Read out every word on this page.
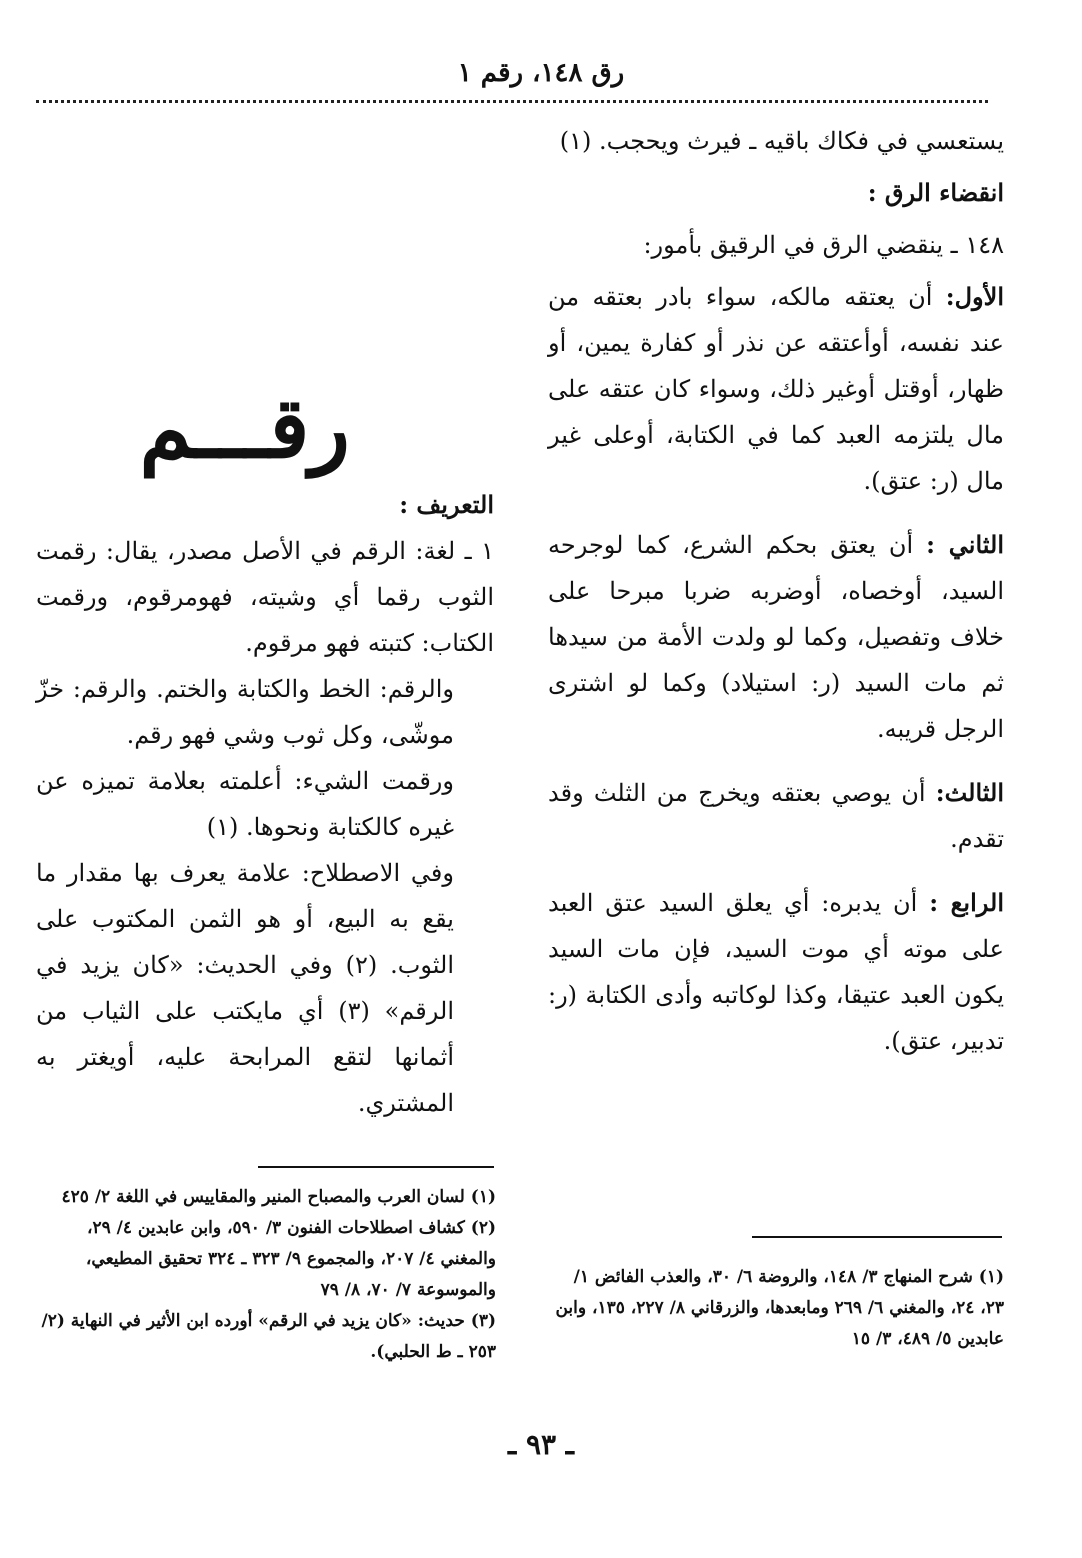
رق ١٤٨، رقم ١

يستعسي في فكاك باقيه ـ فيرث ويحجب. (١)

انقضاء الرق :

١٤٨ ـ ينقضي الرق في الرقيق بأمور:

الأول: أن يعتقه مالكه، سواء بادر بعتقه من عند نفسه، أوأعتقه عن نذر أو كفارة يمين، أو ظهار، أوقتل أوغير ذلك، وسواء كان عتقه على مال يلتزمه العبد كما في الكتابة، أوعلى غير مال (ر: عتق).

الثاني : أن يعتق بحكم الشرع، كما لوجرحه السيد، أوخصاه، أوضربه ضربا مبرحا على خلاف وتفصيل، وكما لو ولدت الأمة من سيدها ثم مات السيد (ر: استيلاد) وكما لو اشترى الرجل قريبه.

الثالث: أن يوصي بعتقه ويخرج من الثلث وقد تقدم.

الرابع : أن يدبره: أي يعلق السيد عتق العبد على موته أي موت السيد، فإن مات السيد يكون العبد عتيقا، وكذا لوكاتبه وأدى الكتابة (ر: تدبير، عتق).

رقـــم

التعريف :

١ ـ لغة: الرقم في الأصل مصدر، يقال: رقمت الثوب رقما أي وشيته، فهومرقوم، ورقمت الكتاب: كتبته فهو مرقوم.

والرقم: الخط والكتابة والختم. والرقم: خزّ موشّى، وكل ثوب وشي فهو رقم.

ورقمت الشيء: أعلمته بعلامة تميزه عن غيره كالكتابة ونحوها. (١)

وفي الاصطلاح: علامة يعرف بها مقدار ما يقع به البيع، أو هو الثمن المكتوب على الثوب. (٢) وفي الحديث: «كان يزيد في الرقم» (٣) أي مايكتب على الثياب من أثمانها لتقع المرابحة عليه، أويغتر به المشتري.

(١) شرح المنهاج ٣/ ١٤٨، والروضة ٦/ ٣٠، والعذب الفائض ١/ ٢٣، ٢٤، والمغني ٦/ ٢٦٩ ومابعدها، والزرقاني ٨/ ٢٢٧، ١٣٥، وابن عابدين ٥/ ٤٨٩، ٣/ ١٥

(١) لسان العرب والمصباح المنير والمقاييس في اللغة ٢/ ٤٢٥

(٢) كشاف اصطلاحات الفنون ٣/ ٥٩٠، وابن عابدين ٤/ ٢٩، والمغني ٤/ ٢٠٧، والمجموع ٩/ ٣٢٣ ـ ٣٢٤ تحقيق المطيعي، والموسوعة ٧/ ٧٠، ٨/ ٧٩

(٣) حديث: «كان يزيد في الرقم» أورده ابن الأثير في النهاية (٢/ ٢٥٣ ـ ط الحلبي).

ـ ٩٣ ـ
